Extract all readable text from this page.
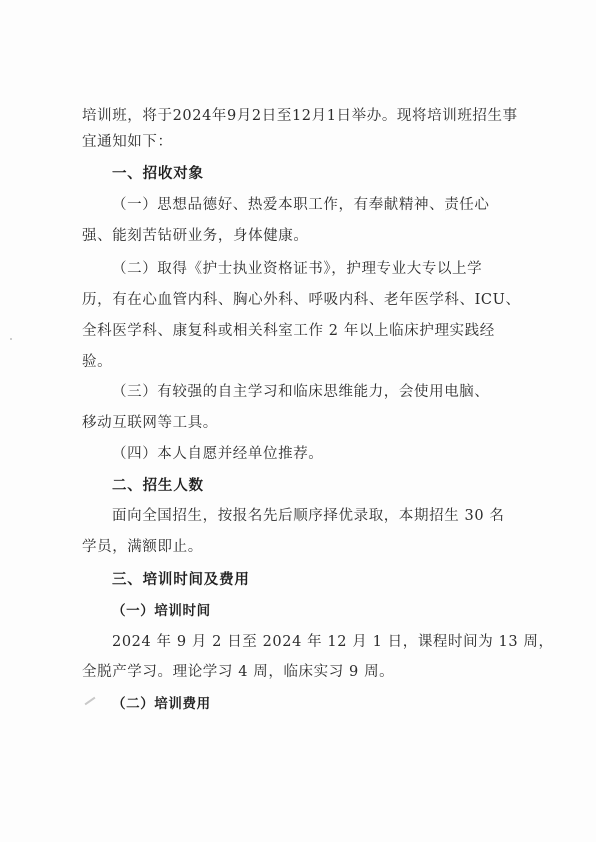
培训班，将于2024年9月2日至12月1日举办。现将培训班招生事
宜通知如下：
一、招收对象
（一）思想品德好、热爱本职工作，有奉献精神、责任心
强、能刻苦钻研业务，身体健康。
（二）取得《护士执业资格证书》，护理专业大专以上学
历，有在心血管内科、胸心外科、呼吸内科、老年医学科、ICU、
全科医学科、康复科或相关科室工作 2 年以上临床护理实践经
验。
（三）有较强的自主学习和临床思维能力，会使用电脑、
移动互联网等工具。
（四）本人自愿并经单位推荐。
二、招生人数
面向全国招生，按报名先后顺序择优录取，本期招生 30 名
学员，满额即止。
三、培训时间及费用
（一）培训时间
2024 年 9 月 2 日至 2024 年 12 月 1 日，课程时间为 13 周，
全脱产学习。理论学习 4 周，临床实习 9 周。
（二）培训费用
